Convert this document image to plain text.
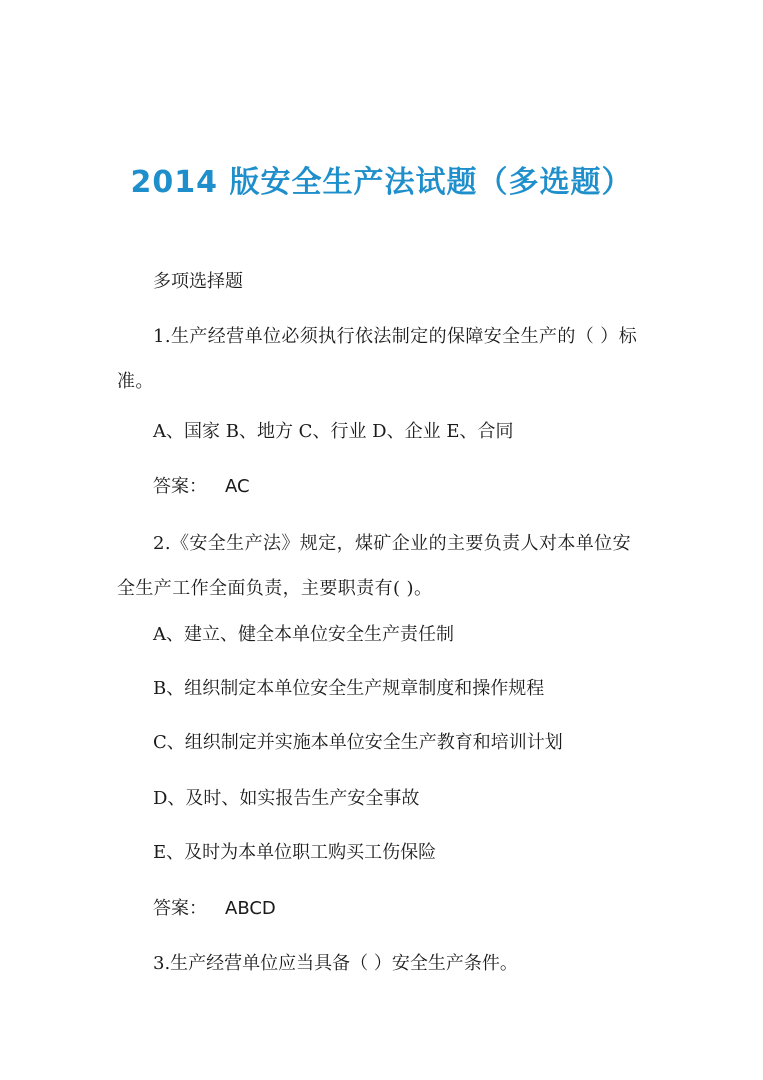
2014 版安全生产法试题（多选题）

多项选择题

1.生产经营单位必须执行依法制定的保障安全生产的（ ）标准。

A、国家 B、地方 C、行业 D、企业 E、合同

答案： AC

2.《安全生产法》规定，煤矿企业的主要负责人对本单位安全生产工作全面负责，主要职责有( )。

A、建立、健全本单位安全生产责任制

B、组织制定本单位安全生产规章制度和操作规程

C、组织制定并实施本单位安全生产教育和培训计划

D、及时、如实报告生产安全事故

E、及时为本单位职工购买工伤保险

答案： ABCD

3.生产经营单位应当具备（ ）安全生产条件。
